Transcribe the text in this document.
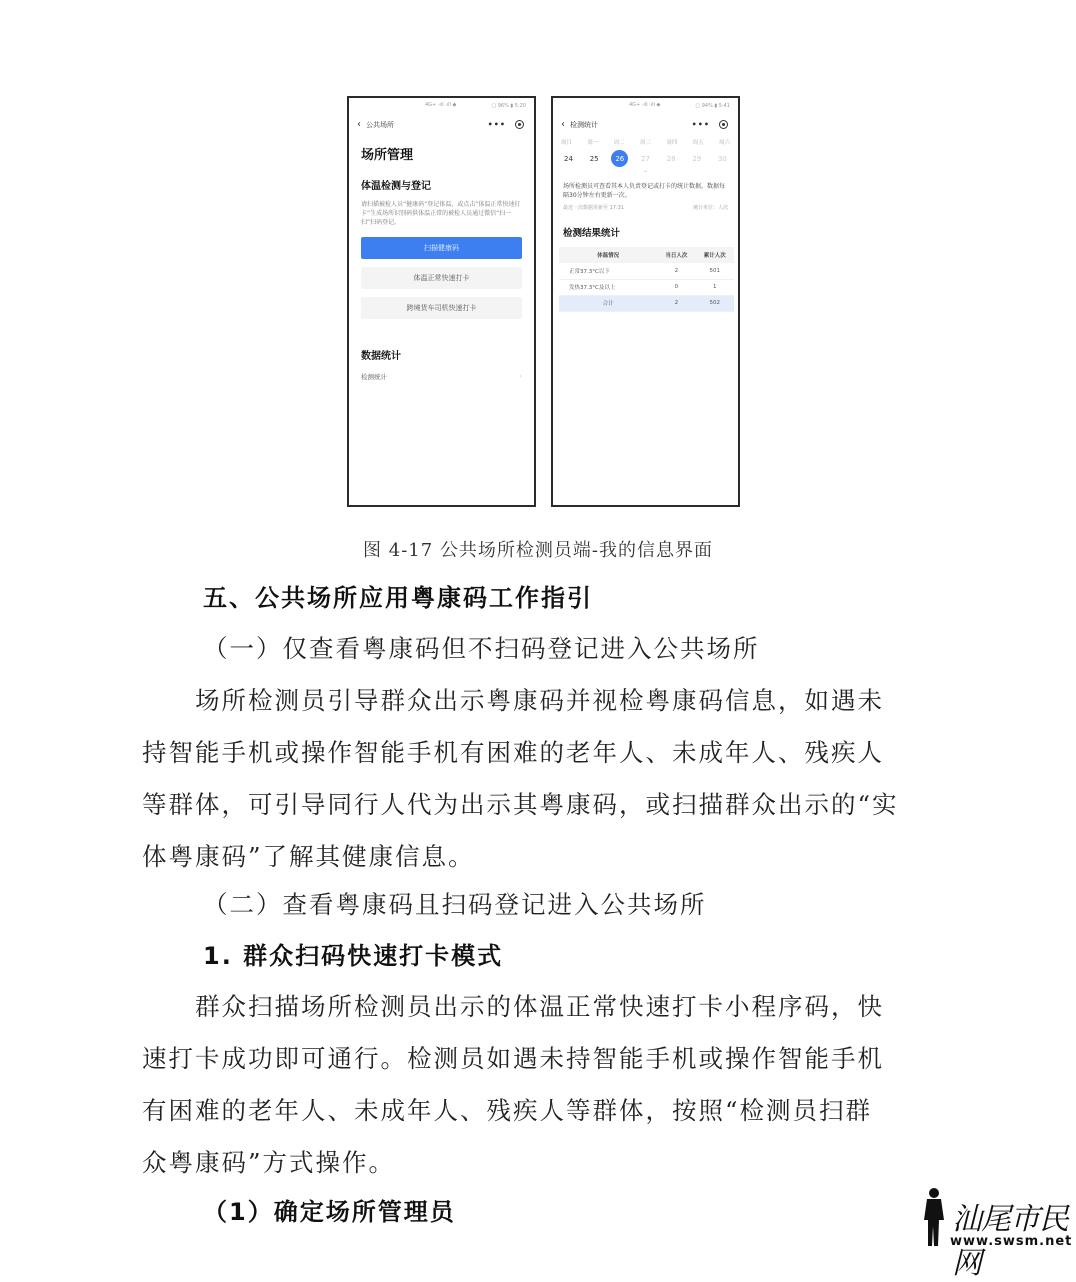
4G+ ·ıll ·ıll ◆	▢ 96% ▮ 5:20
‹ 公共场所	•••
场所管理
体温检测与登记
请扫描被检人员“健康码”登记体温，或点击“体温正常快速打卡”生成场所识别码供体温正常的被检人员通过微信“扫一扫”扫码登记。
扫描健康码
体温正常快速打卡
跨境货车司机快速打卡
数据统计
检测统计	›
4G+ ·ıll ·ıll ◆	▢ 94% ▮ 5:41
‹ 检测统计	•••
周日	周一	周二	周三	周四	周五	周六
24	25	26	27	28	29	30
⌄
场所检测员可查看其本人负责登记或打卡的统计数据，数据每隔30分钟左右更新一次。
最近一次数据更新至 17:31	统计单位：人次
检测结果统计
体温情况	当日人次	累计人次
正常37.3°C以下	2	501
发热37.3°C及以上	0	1
合计	2	502
图 4-17 公共场所检测员端-我的信息界面
五、公共场所应用粤康码工作指引
（一）仅查看粤康码但不扫码登记进入公共场所
　　场所检测员引导群众出示粤康码并视检粤康码信息，如遇未
持智能手机或操作智能手机有困难的老年人、未成年人、残疾人
等群体，可引导同行人代为出示其粤康码，或扫描群众出示的“实
体粤康码”了解其健康信息。
（二）查看粤康码且扫码登记进入公共场所
1. 群众扫码快速打卡模式
　　群众扫描场所检测员出示的体温正常快速打卡小程序码，快
速打卡成功即可通行。检测员如遇未持智能手机或操作智能手机
有困难的老年人、未成年人、残疾人等群体，按照“检测员扫群
众粤康码”方式操作。
（1）确定场所管理员	汕尾市民网
www.swsm.net
